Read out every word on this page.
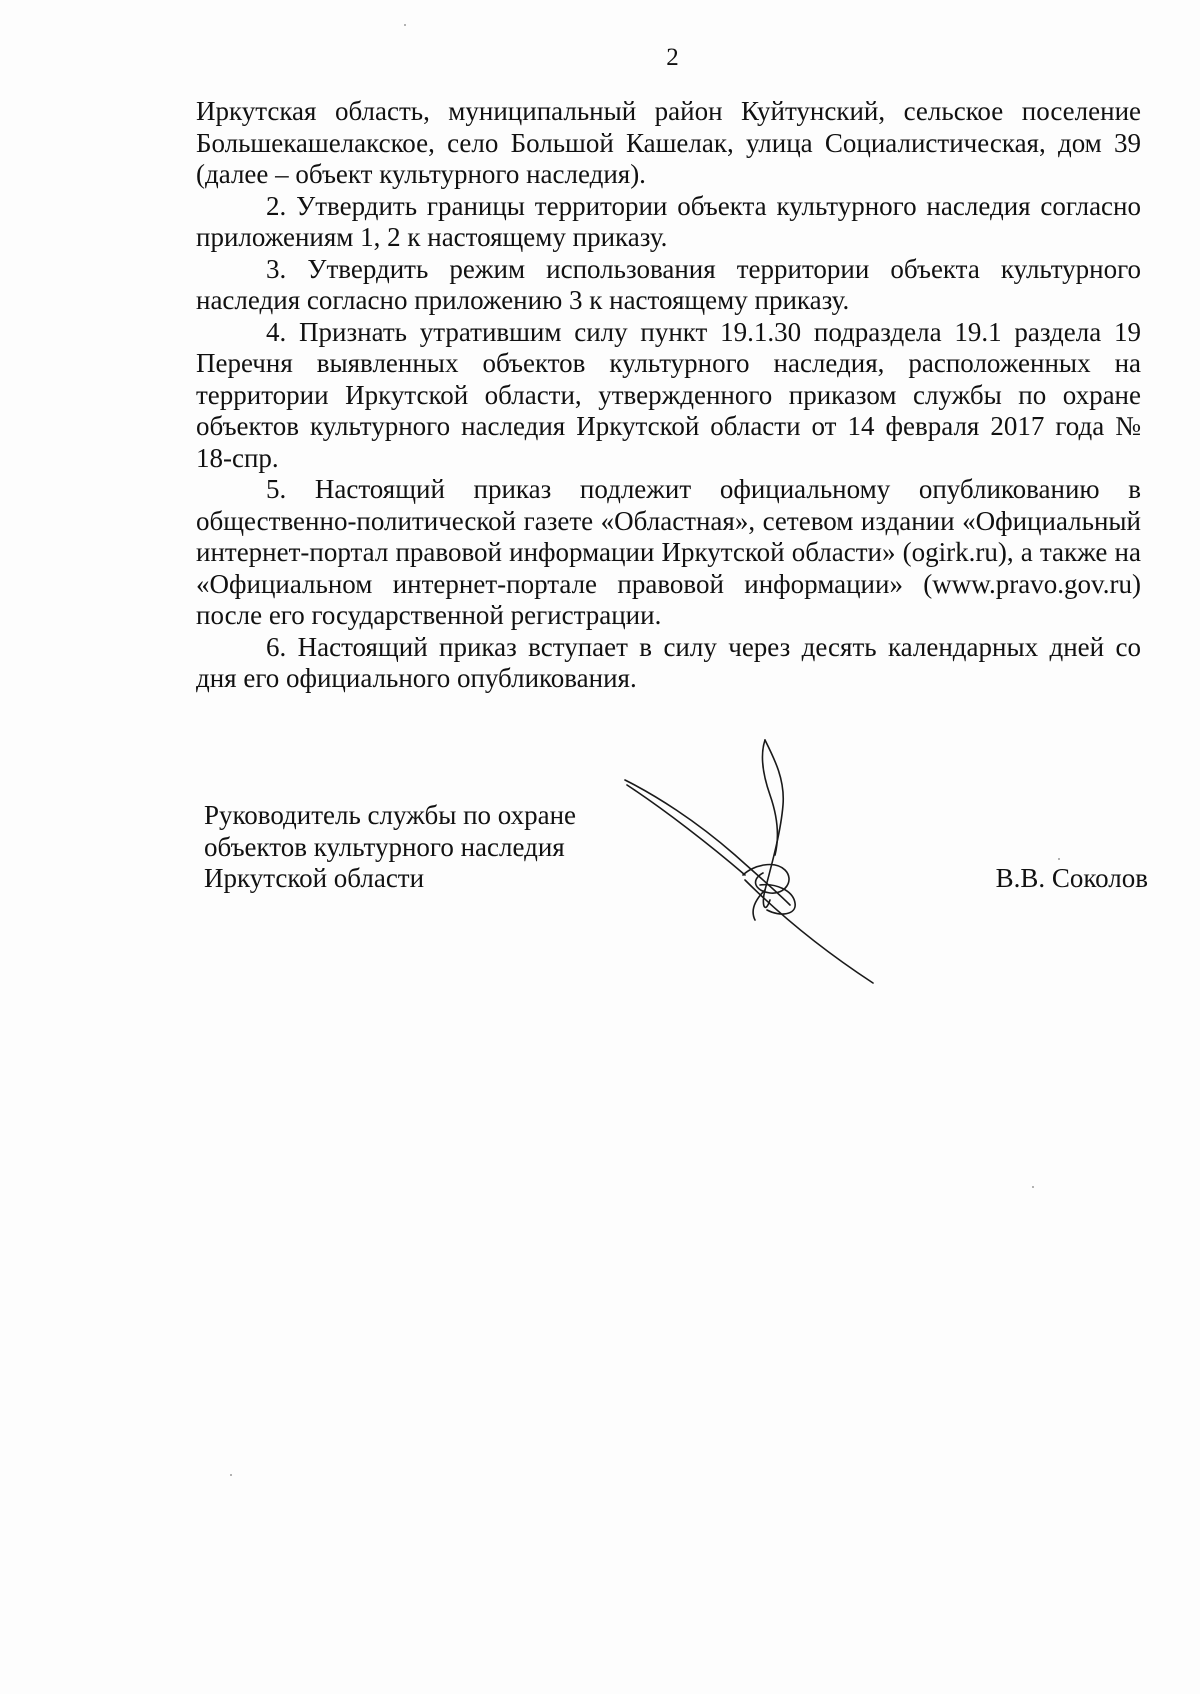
2

Иркутская область, муниципальный район Куйтунский, сельское поселение Большекашелакское, село Большой Кашелак, улица Социалистическая, дом 39 (далее – объект культурного наследия).

2. Утвердить границы территории объекта культурного наследия согласно приложениям 1, 2 к настоящему приказу.

3. Утвердить режим использования территории объекта культурного наследия согласно приложению 3 к настоящему приказу.

4. Признать утратившим силу пункт 19.1.30 подраздела 19.1 раздела 19 Перечня выявленных объектов культурного наследия, расположенных на территории Иркутской области, утвержденного приказом службы по охране объектов культурного наследия Иркутской области от 14 февраля 2017 года № 18-спр.

5. Настоящий приказ подлежит официальному опубликованию в общественно-политической газете «Областная», сетевом издании «Официальный интернет-портал правовой информации Иркутской области» (ogirk.ru), а также на «Официальном интернет-портале правовой информации» (www.pravo.gov.ru) после его государственной регистрации.

6. Настоящий приказ вступает в силу через десять календарных дней со дня его официального опубликования.

Руководитель службы по охране
объектов культурного наследия
Иркутской области	В.В. Соколов
